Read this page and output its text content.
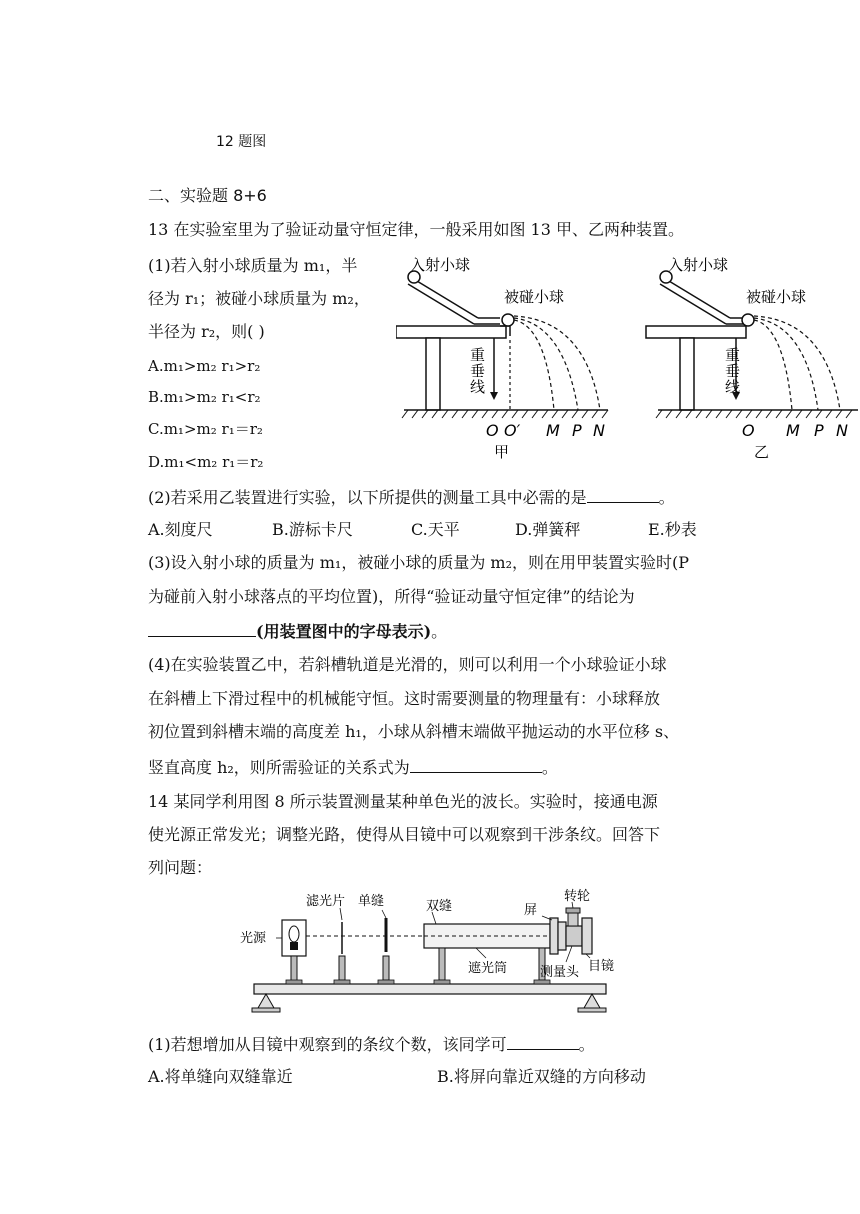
12 题图
二、实验题 8+6
13 在实验室里为了验证动量守恒定律，一般采用如图 13 甲、乙两种装置。
(1)若入射小球质量为 m₁，半
径为 r₁；被碰小球质量为 m₂，
半径为 r₂，则( )
A.m₁>m₂ r₁>r₂
B.m₁>m₂ r₁<r₂
C.m₁>m₂ r₁＝r₂
D.m₁<m₂ r₁＝r₂
入射小球
被碰小球
重
垂
线
O O′ M P N
甲
入射小球
被碰小球
重
垂
线
O M P N
乙
(2)若采用乙装置进行实验，以下所提供的测量工具中必需的是	。
A.刻度尺	B.游标卡尺	C.天平	D.弹簧秤	E.秒表
(3)设入射小球的质量为 m₁，被碰小球的质量为 m₂，则在用甲装置实验时(P
为碰前入射小球落点的平均位置)，所得“验证动量守恒定律”的结论为
(用装置图中的字母表示)。
(4)在实验装置乙中，若斜槽轨道是光滑的，则可以利用一个小球验证小球
在斜槽上下滑过程中的机械能守恒。这时需要测量的物理量有：小球释放
初位置到斜槽末端的高度差 h₁，小球从斜槽末端做平抛运动的水平位移 s、
竖直高度 h₂，则所需验证的关系式为	。
14 某同学利用图 8 所示装置测量某种单色光的波长。实验时，接通电源
使光源正常发光；调整光路，使得从目镜中可以观察到干涉条纹。回答下
列问题：
滤光片 单缝	双缝	屏
转轮
光源
目镜
遮光筒	测量头
(1)若想增加从目镜中观察到的条纹个数，该同学可	。
A.将单缝向双缝靠近	B.将屏向靠近双缝的方向移动
